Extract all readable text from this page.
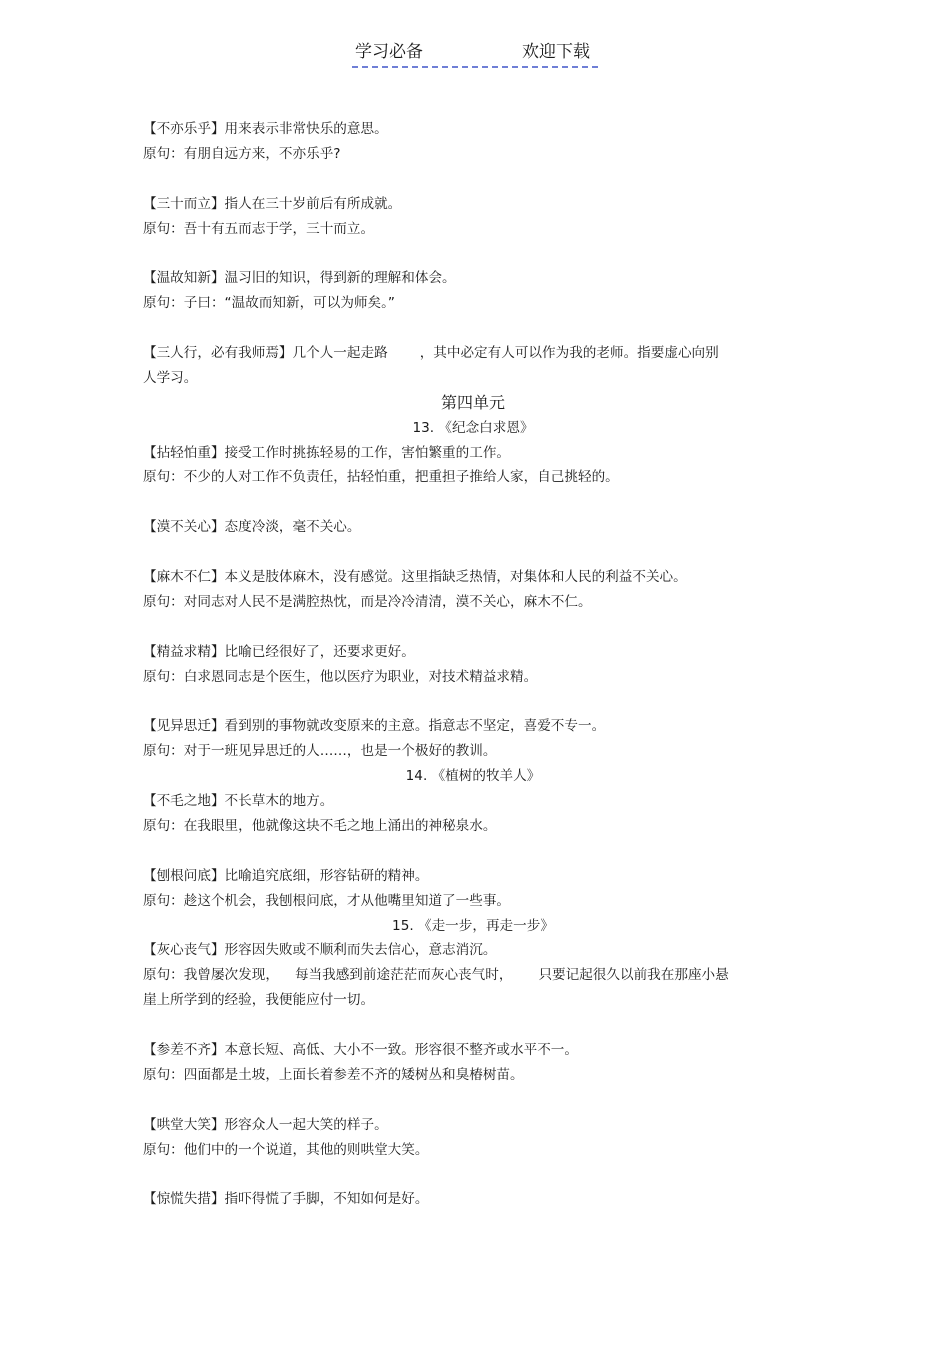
学习必备	欢迎下载
【不亦乐乎】用来表示非常快乐的意思。
原句：有朋自远方来，不亦乐乎?
【三十而立】指人在三十岁前后有所成就。
原句：吾十有五而志于学，三十而立。
【温故知新】温习旧的知识，得到新的理解和体会。
原句：子曰：“温故而知新，可以为师矣。”
【三人行，必有我师焉】几个人一起走路 ，其中必定有人可以作为我的老师。指要虚心向别
人学习。
第四单元
13. 《纪念白求恩》
【拈轻怕重】接受工作时挑拣轻易的工作，害怕繁重的工作。
原句：不少的人对工作不负责任，拈轻怕重，把重担子推给人家，自己挑轻的。
【漠不关心】态度冷淡，毫不关心。
【麻木不仁】本义是肢体麻木，没有感觉。这里指缺乏热情，对集体和人民的利益不关心。
原句：对同志对人民不是满腔热忱，而是冷冷清清，漠不关心，麻木不仁。
【精益求精】比喻已经很好了，还要求更好。
原句：白求恩同志是个医生，他以医疗为职业，对技术精益求精。
【见异思迁】看到别的事物就改变原来的主意。指意志不坚定，喜爱不专一。
原句：对于一班见异思迁的人……，也是一个极好的教训。
14. 《植树的牧羊人》
【不毛之地】不长草木的地方。
原句：在我眼里，他就像这块不毛之地上涌出的神秘泉水。
【刨根问底】比喻追究底细，形容钻研的精神。
原句：趁这个机会，我刨根问底，才从他嘴里知道了一些事。
15. 《走一步，再走一步》
【灰心丧气】形容因失败或不顺利而失去信心，意志消沉。
原句：我曾屡次发现， 每当我感到前途茫茫而灰心丧气时， 只要记起很久以前我在那座小悬
崖上所学到的经验，我便能应付一切。
【参差不齐】本意长短、高低、大小不一致。形容很不整齐或水平不一。
原句：四面都是土坡，上面长着参差不齐的矮树丛和臭椿树苗。
【哄堂大笑】形容众人一起大笑的样子。
原句：他们中的一个说道，其他的则哄堂大笑。
【惊慌失措】指吓得慌了手脚，不知如何是好。
